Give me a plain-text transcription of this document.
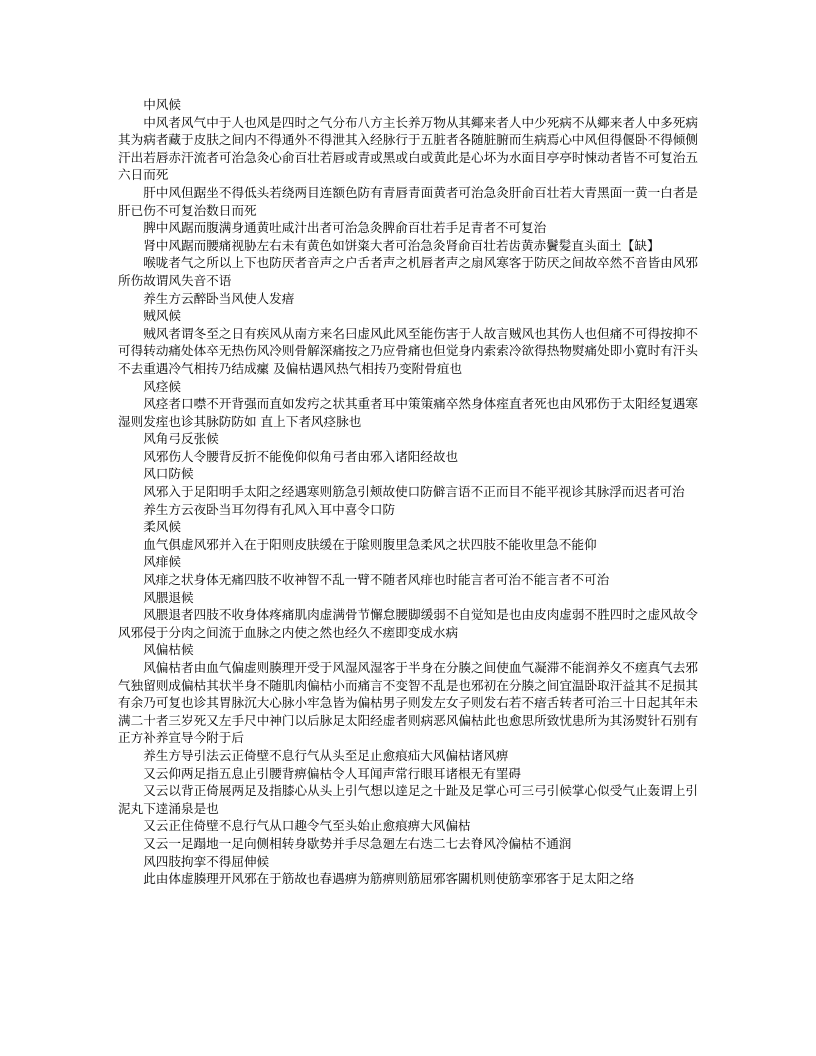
中风候

中风者风气中于人也风是四时之气分布八方主长养万物从其鄊来者人中少死病不从鄊来者人中多死病其为病者藏于皮肤之间内不得通外不得泄其入经脉行于五脏者各随脏腑而生病焉心中风但得偃卧不得倾侧汗出若唇赤汗流者可治急灸心俞百壮若唇或青或黑或白或黄此是心坏为水面目亭亭时悚动者皆不可复治五六日而死

肝中风但踞坐不得低头若绕两目连额色防有青唇青面黄者可治急灸肝俞百壮若大青黑面一黄一白者是肝已伤不可复治数日而死

脾中风踞而腹满身通黄吐咸汁出者可治急灸脾俞百壮若手足青者不可复治

肾中风踞而腰痛视胁左右未有黄色如饼粢大者可治急灸肾俞百壮若齿黄赤鬢髪直头面土【缺】

喉咙者气之所以上下也防厌者音声之户舌者声之机唇者声之扇风寒客于防厌之间故卒然不音皆由风邪所伤故谓风失音不语

养生方云醉卧当风使人发瘖

贼风候

贼风者谓冬至之日有疾风从南方来名曰虚风此风至能伤害于人故言贼风也其伤人也但痛不可得按抑不可得转动痛处体卒无热伤风冷则骨解深痛按之乃应骨痛也但觉身内索索冷欲得热物熨痛处即小寛时有汗头不去重遇冷气相抟乃结成瘰 及偏枯遇风热气相抟乃变附骨疽也

风痉候

风痉者口噤不开背强而直如发㽲之状其重者耳中策策痛卒然身体痓直者死也由风邪伤于太阳经复遇寒湿则发痓也诊其脉防防如 直上下者风痉脉也

风角弓反张候

风邪伤人令腰背反折不能俛仰似角弓者由邪入诸阳经故也

风口防候

风邪入于足阳明手太阳之经遇寒则筋急引颊故使口防僻言语不正而目不能平视诊其脉浮而迟者可治

养生方云夜卧当耳勿得有孔风入耳中喜令口防

柔风候

血气俱虚风邪并入在于阳则皮肤缓在于隂则腹里急柔风之状四肢不能收里急不能仰

风痱候

风痱之状身体无痛四肢不收神智不乱一臂不随者风痱也时能言者可治不能言者不可治

风腲退候

风腲退者四肢不收身体疼痛肌肉虚满骨节懈怠腰脚缓弱不自觉知是也由皮肉虚弱不胜四时之虚风故令风邪侵于分肉之间流于血脉之内使之然也经久不瘥即变成水病

风偏枯候

风偏枯者由血气偏虚则腠理开受于风湿风湿客于半身在分腠之间使血气凝滞不能润养夂不瘥真气去邪气独留则成偏枯其状半身不随肌肉偏枯小而痛言不变智不乱是也邪初在分腠之间宜温卧取汗益其不足损其有余乃可复也诊其胃脉沉大心脉小牢急皆为偏枯男子则发左女子则发右若不瘖舌转者可治三十日起其年未满二十者三岁死又左手尺中神门以后脉足太阳经虚者则病恶风偏枯此也愈思所致忧患所为其汤熨针石别有正方补养宣导今附于后

养生方导引法云正倚壁不息行气从头至足止愈痕疝大风偏枯诸风痹

又云仰两足指五息止引腰背痹偏枯令人耳闻声常行眼耳诸根无有罣碍

又云以背正倚展两足及指膝心从头上引气想以逹足之十趾及足掌心可三弓引候掌心似受气止轰谓上引泥丸下逹涌泉是也

又云正住倚壁不息行气从口趣令气至头始止愈痕痹大风偏枯

又云一足蹋地一足向侧相转身歇势并手尽急廻左右迭二七去脊风冷偏枯不通润

风四肢拘挛不得屈伸候

此由体虚腠理开风邪在于筋故也春遇痹为筋痹则筋屈邪客闗机则使筋挛邪客于足太阳之络
